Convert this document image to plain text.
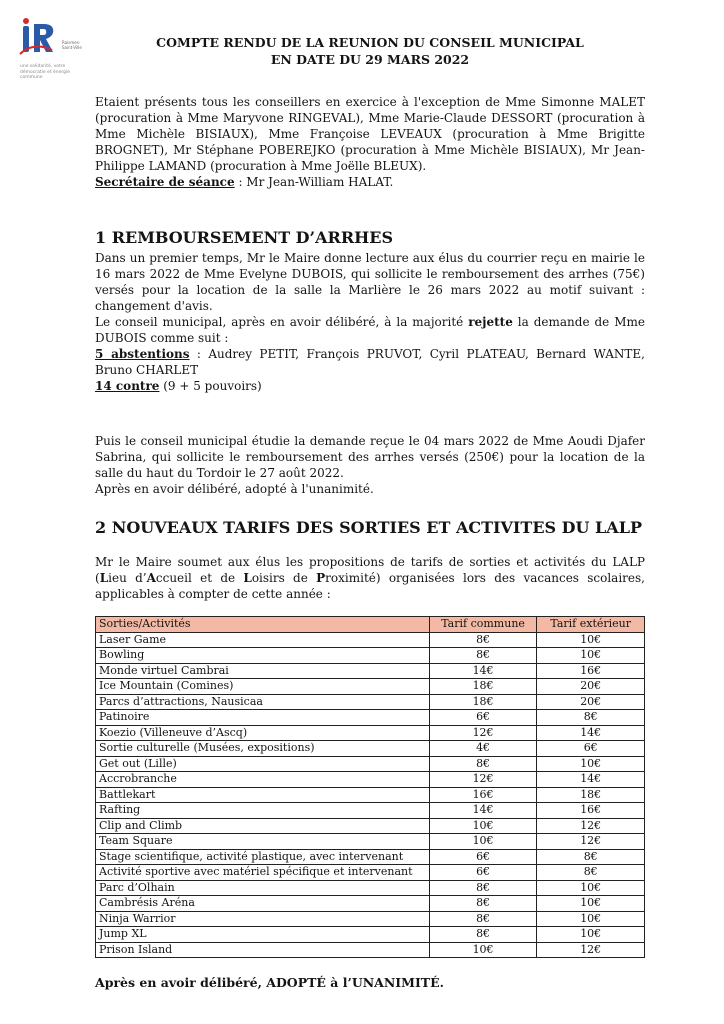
Raismes-Saint-Ville
une solidarité, votre démocratie et énergie commune
COMPTE RENDU DE LA REUNION DU CONSEIL MUNICIPAL
EN DATE DU 29 MARS 2022

Etaient présents tous les conseillers en exercice à l'exception de Mme Simonne MALET (procuration à Mme Maryvone RINGEVAL), Mme Marie-Claude DESSORT (procuration à Mme Michèle BISIAUX), Mme Françoise LEVEAUX (procuration à Mme Brigitte BROGNET), Mr Stéphane POBEREJKO (procuration à Mme Michèle BISIAUX), Mr Jean-Philippe LAMAND (procuration à Mme Joëlle BLEUX).

Secrétaire de séance : Mr Jean-William HALAT.

1 REMBOURSEMENT D’ARRHES

Dans un premier temps, Mr le Maire donne lecture aux élus du courrier reçu en mairie le 16 mars 2022 de Mme Evelyne DUBOIS, qui sollicite le remboursement des arrhes (75€) versés pour la location de la salle la Marlière le 26 mars 2022 au motif suivant : changement d'avis.

Le conseil municipal, après en avoir délibéré, à la majorité rejette la demande de Mme DUBOIS comme suit :

5 abstentions : Audrey PETIT, François PRUVOT, Cyril PLATEAU, Bernard WANTE, Bruno CHARLET

14 contre (9 + 5 pouvoirs)

Puis le conseil municipal étudie la demande reçue le 04 mars 2022 de Mme Aoudi Djafer Sabrina, qui sollicite le remboursement des arrhes versés (250€) pour la location de la salle du haut du Tordoir le 27 août 2022.

Après en avoir délibéré, adopté à l'unanimité.

2 NOUVEAUX TARIFS DES SORTIES ET ACTIVITES DU LALP

Mr le Maire soumet aux élus les propositions de tarifs de sorties et activités du LALP (Lieu d’Accueil et de Loisirs de Proximité) organisées lors des vacances scolaires, applicables à compter de cette année :

Sorties/Activités	Tarif commune	Tarif extérieur
Laser Game	8€	10€
Bowling	8€	10€
Monde virtuel Cambrai	14€	16€
Ice Mountain (Comines)	18€	20€
Parcs d’attractions, Nausicaa	18€	20€
Patinoire	6€	8€
Koezio (Villeneuve d’Ascq)	12€	14€
Sortie culturelle (Musées, expositions)	4€	6€
Get out (Lille)	8€	10€
Accrobranche	12€	14€
Battlekart	16€	18€
Rafting	14€	16€
Clip and Climb	10€	12€
Team Square	10€	12€
Stage scientifique, activité plastique, avec intervenant	6€	8€
Activité sportive avec matériel spécifique et intervenant	6€	8€
Parc d’Olhain	8€	10€
Cambrésis Aréna	8€	10€
Ninja Warrior	8€	10€
Jump XL	8€	10€
Prison Island	10€	12€
Après en avoir délibéré, ADOPTÉ à l’UNANIMITÉ.
